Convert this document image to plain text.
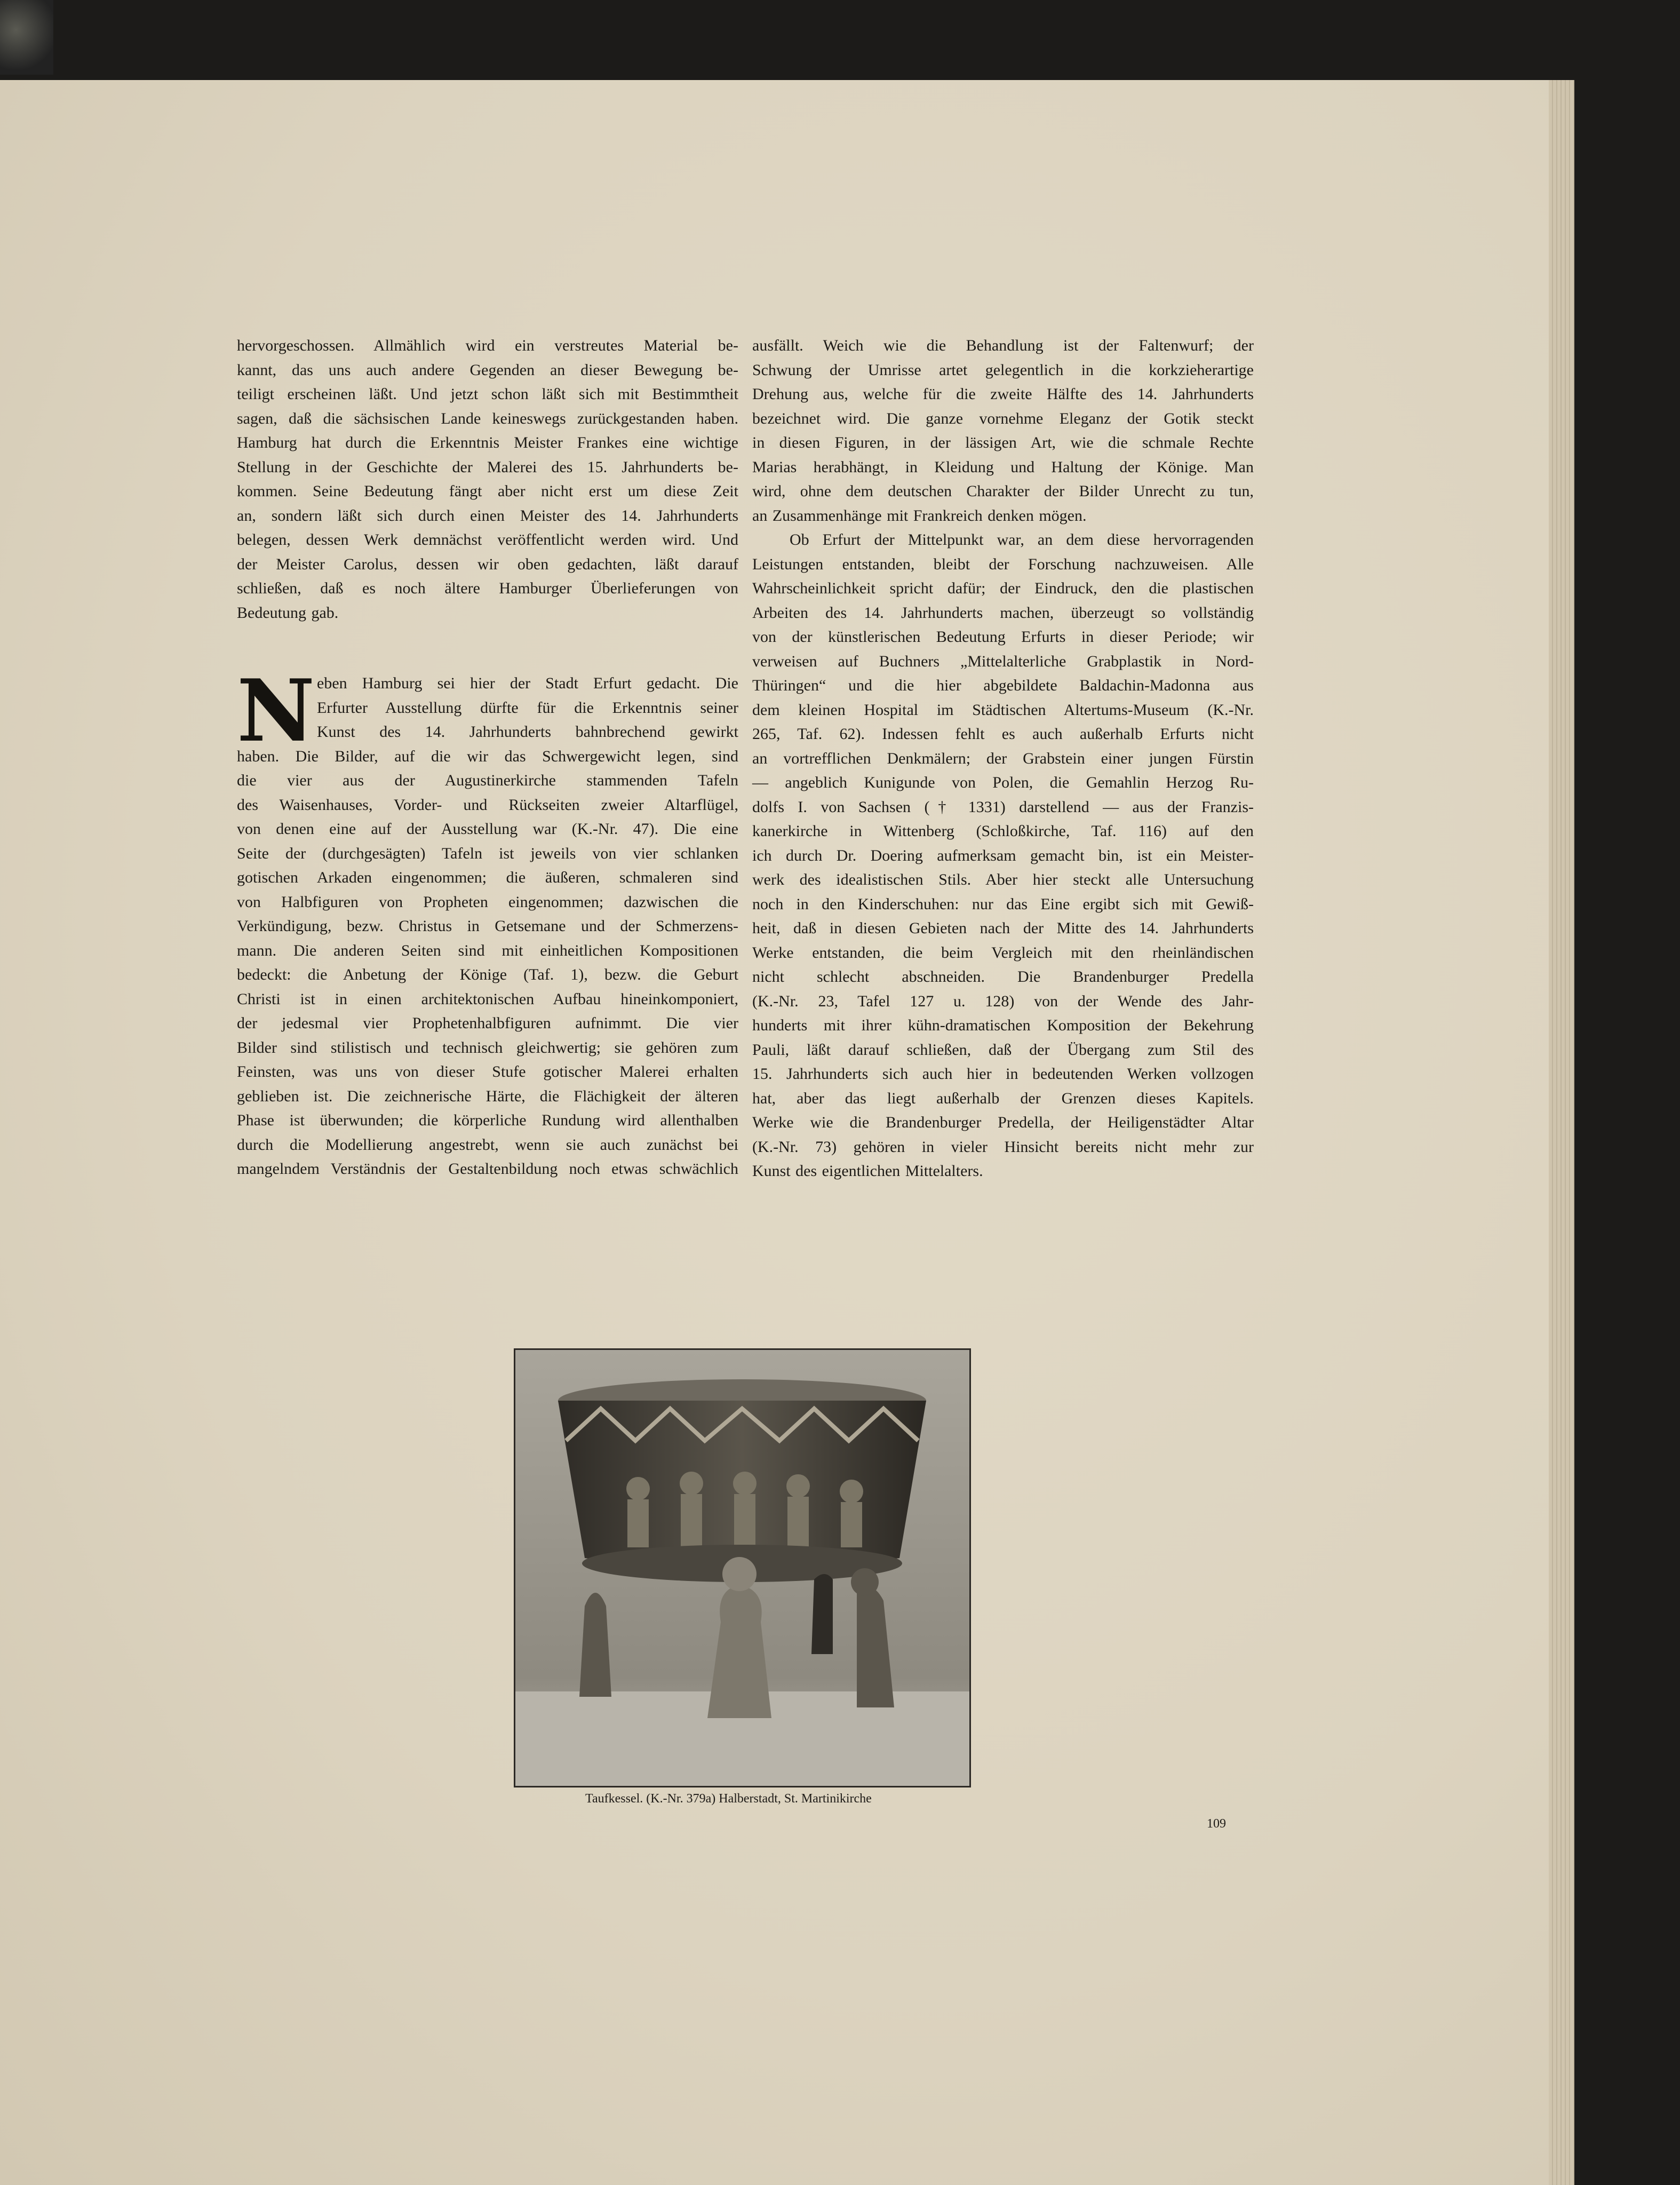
hervorgeschossen. Allmählich wird ein verstreutes Material be-
kannt, das uns auch andere Gegenden an dieser Bewegung be-
teiligt erscheinen läßt. Und jetzt schon läßt sich mit Bestimmtheit
sagen, daß die sächsischen Lande keineswegs zurückgestanden haben.
Hamburg hat durch die Erkenntnis Meister Frankes eine wichtige
Stellung in der Geschichte der Malerei des 15. Jahrhunderts be-
kommen. Seine Bedeutung fängt aber nicht erst um diese Zeit
an, sondern läßt sich durch einen Meister des 14. Jahrhunderts
belegen, dessen Werk demnächst veröffentlicht werden wird. Und
der Meister Carolus, dessen wir oben gedachten, läßt darauf
schließen, daß es noch ältere Hamburger Überlieferungen von
Bedeutung gab.
N eben Hamburg sei hier der Stadt Erfurt gedacht. Die
Erfurter Ausstellung dürfte für die Erkenntnis seiner
Kunst des 14. Jahrhunderts bahnbrechend gewirkt
haben. Die Bilder, auf die wir das Schwergewicht legen, sind
die vier aus der Augustinerkirche stammenden Tafeln
des Waisenhauses, Vorder- und Rückseiten zweier Altarflügel,
von denen eine auf der Ausstellung war (K.-Nr. 47). Die eine
Seite der (durchgesägten) Tafeln ist jeweils von vier schlanken
gotischen Arkaden eingenommen; die äußeren, schmaleren sind
von Halbfiguren von Propheten eingenommen; dazwischen die
Verkündigung, bezw. Christus in Getsemane und der Schmerzens-
mann. Die anderen Seiten sind mit einheitlichen Kompositionen
bedeckt: die Anbetung der Könige (Taf. 1), bezw. die Geburt
Christi ist in einen architektonischen Aufbau hineinkomponiert,
der jedesmal vier Prophetenhalbfiguren aufnimmt. Die vier
Bilder sind stilistisch und technisch gleichwertig; sie gehören zum
Feinsten, was uns von dieser Stufe gotischer Malerei erhalten
geblieben ist. Die zeichnerische Härte, die Flächigkeit der älteren
Phase ist überwunden; die körperliche Rundung wird allenthalben
durch die Modellierung angestrebt, wenn sie auch zunächst bei
mangelndem Verständnis der Gestaltenbildung noch etwas schwächlich
ausfällt. Weich wie die Behandlung ist der Faltenwurf; der
Schwung der Umrisse artet gelegentlich in die korkzieherartige
Drehung aus, welche für die zweite Hälfte des 14. Jahrhunderts
bezeichnet wird. Die ganze vornehme Eleganz der Gotik steckt
in diesen Figuren, in der lässigen Art, wie die schmale Rechte
Marias herabhängt, in Kleidung und Haltung der Könige. Man
wird, ohne dem deutschen Charakter der Bilder Unrecht zu tun,
an Zusammenhänge mit Frankreich denken mögen.
Ob Erfurt der Mittelpunkt war, an dem diese hervorragenden
Leistungen entstanden, bleibt der Forschung nachzuweisen. Alle
Wahrscheinlichkeit spricht dafür; der Eindruck, den die plastischen
Arbeiten des 14. Jahrhunderts machen, überzeugt so vollständig
von der künstlerischen Bedeutung Erfurts in dieser Periode; wir
verweisen auf Buchners „Mittelalterliche Grabplastik in Nord-
Thüringen“ und die hier abgebildete Baldachin-Madonna aus
dem kleinen Hospital im Städtischen Altertums-Museum (K.-Nr.
265, Taf. 62). Indessen fehlt es auch außerhalb Erfurts nicht
an vortrefflichen Denkmälern; der Grabstein einer jungen Fürstin
— angeblich Kunigunde von Polen, die Gemahlin Herzog Ru-
dolfs I. von Sachsen († 1331) darstellend — aus der Franzis-
kanerkirche in Wittenberg (Schloßkirche, Taf. 116) auf den
ich durch Dr. Doering aufmerksam gemacht bin, ist ein Meister-
werk des idealistischen Stils. Aber hier steckt alle Untersuchung
noch in den Kinderschuhen: nur das Eine ergibt sich mit Gewiß-
heit, daß in diesen Gebieten nach der Mitte des 14. Jahrhunderts
Werke entstanden, die beim Vergleich mit den rheinländischen
nicht schlecht abschneiden. Die Brandenburger Predella
(K.-Nr. 23, Tafel 127 u. 128) von der Wende des Jahr-
hunderts mit ihrer kühn-dramatischen Komposition der Bekehrung
Pauli, läßt darauf schließen, daß der Übergang zum Stil des
15. Jahrhunderts sich auch hier in bedeutenden Werken vollzogen
hat, aber das liegt außerhalb der Grenzen dieses Kapitels.
Werke wie die Brandenburger Predella, der Heiligenstädter Altar
(K.-Nr. 73) gehören in vieler Hinsicht bereits nicht mehr zur
Kunst des eigentlichen Mittelalters.
Taufkessel. (K.-Nr. 379a) Halberstadt, St. Martinikirche
109
